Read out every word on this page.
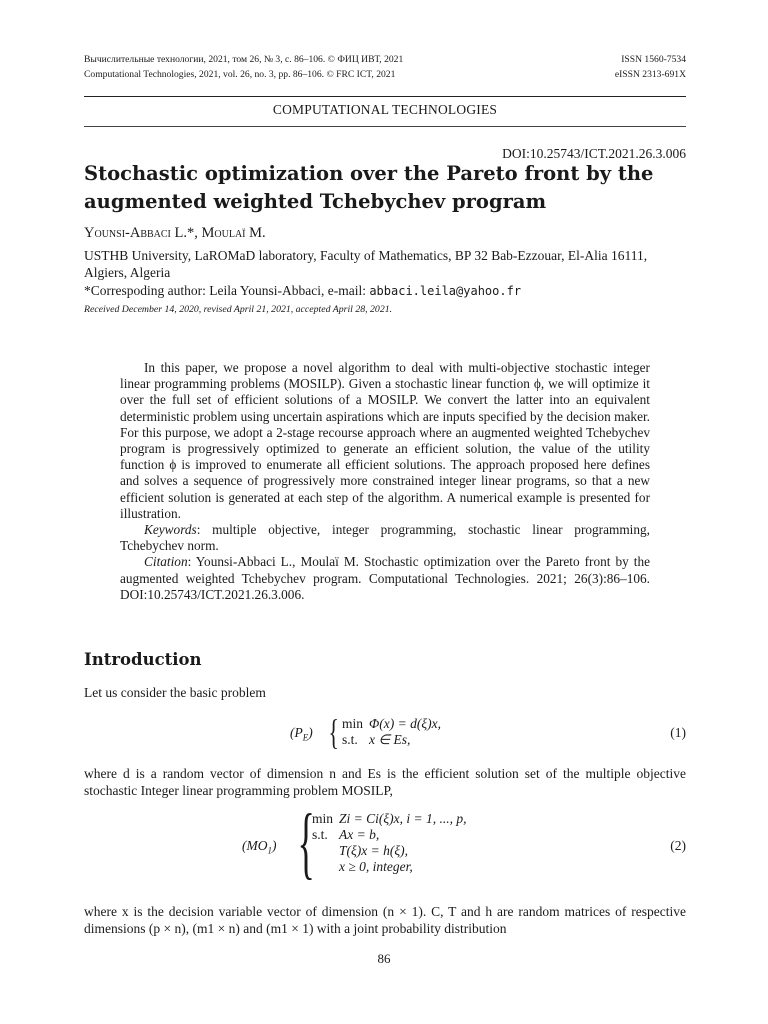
Вычислительные технологии, 2021, том 26, № 3, с. 86–106. © ФИЦ ИВТ, 2021
Computational Technologies, 2021, vol. 26, no. 3, pp. 86–106. © FRC ICT, 2021
ISSN 1560-7534
eISSN 2313-691X
COMPUTATIONAL TECHNOLOGIES
DOI:10.25743/ICT.2021.26.3.006
Stochastic optimization over the Pareto front by the augmented weighted Tchebychev program
Younsi-Abbaci L.*, Moulaï M.
USTHB University, LaROMaD laboratory, Faculty of Mathematics, BP 32 Bab-Ezzouar, El-Alia 16111, Algiers, Algeria
*Correspoding author: Leila Younsi-Abbaci, e-mail: abbaci.leila@yahoo.fr
Received December 14, 2020, revised April 21, 2021, accepted April 28, 2021.

In this paper, we propose a novel algorithm to deal with multi-objective stochastic integer linear programming problems (MOSILP). Given a stochastic linear function ϕ, we will optimize it over the full set of efficient solutions of a MOSILP. We convert the latter into an equivalent deterministic problem using uncertain aspirations which are inputs specified by the decision maker. For this purpose, we adopt a 2-stage recourse approach where an augmented weighted Tchebychev program is progressively optimized to generate an efficient solution, the value of the utility function ϕ is improved to enumerate all efficient solutions. The approach proposed here defines and solves a sequence of progressively more constrained integer linear programs, so that a new efficient solution is generated at each step of the algorithm. A numerical example is presented for illustration.

Keywords: multiple objective, integer programming, stochastic linear programming, Tchebychev norm.

Citation: Younsi-Abbaci L., Moulaï M. Stochastic optimization over the Pareto front by the augmented weighted Tchebychev program. Computational Technologies. 2021; 26(3):86–106. DOI:10.25743/ICT.2021.26.3.006.

Introduction
Let us consider the basic problem
$(P_E)$ { min	Φ(x) = d(ξ)x,
s.t.	x ∈ Es,	(1)
where d is a random vector of dimension n and Es is the efficient solution set of the multiple objective stochastic Integer linear programming problem MOSILP,
$(MO_1)$ {
min	Zi = Ci(ξ)x, i = 1, ..., p,
s.t.	Ax = b,
	T(ξ)x = h(ξ),
	x ≥ 0, integer,
(2)
where x is the decision variable vector of dimension (n × 1). C, T and h are random matrices of respective dimensions (p × n), (m1 × n) and (m1 × 1) with a joint probability distribution
86
